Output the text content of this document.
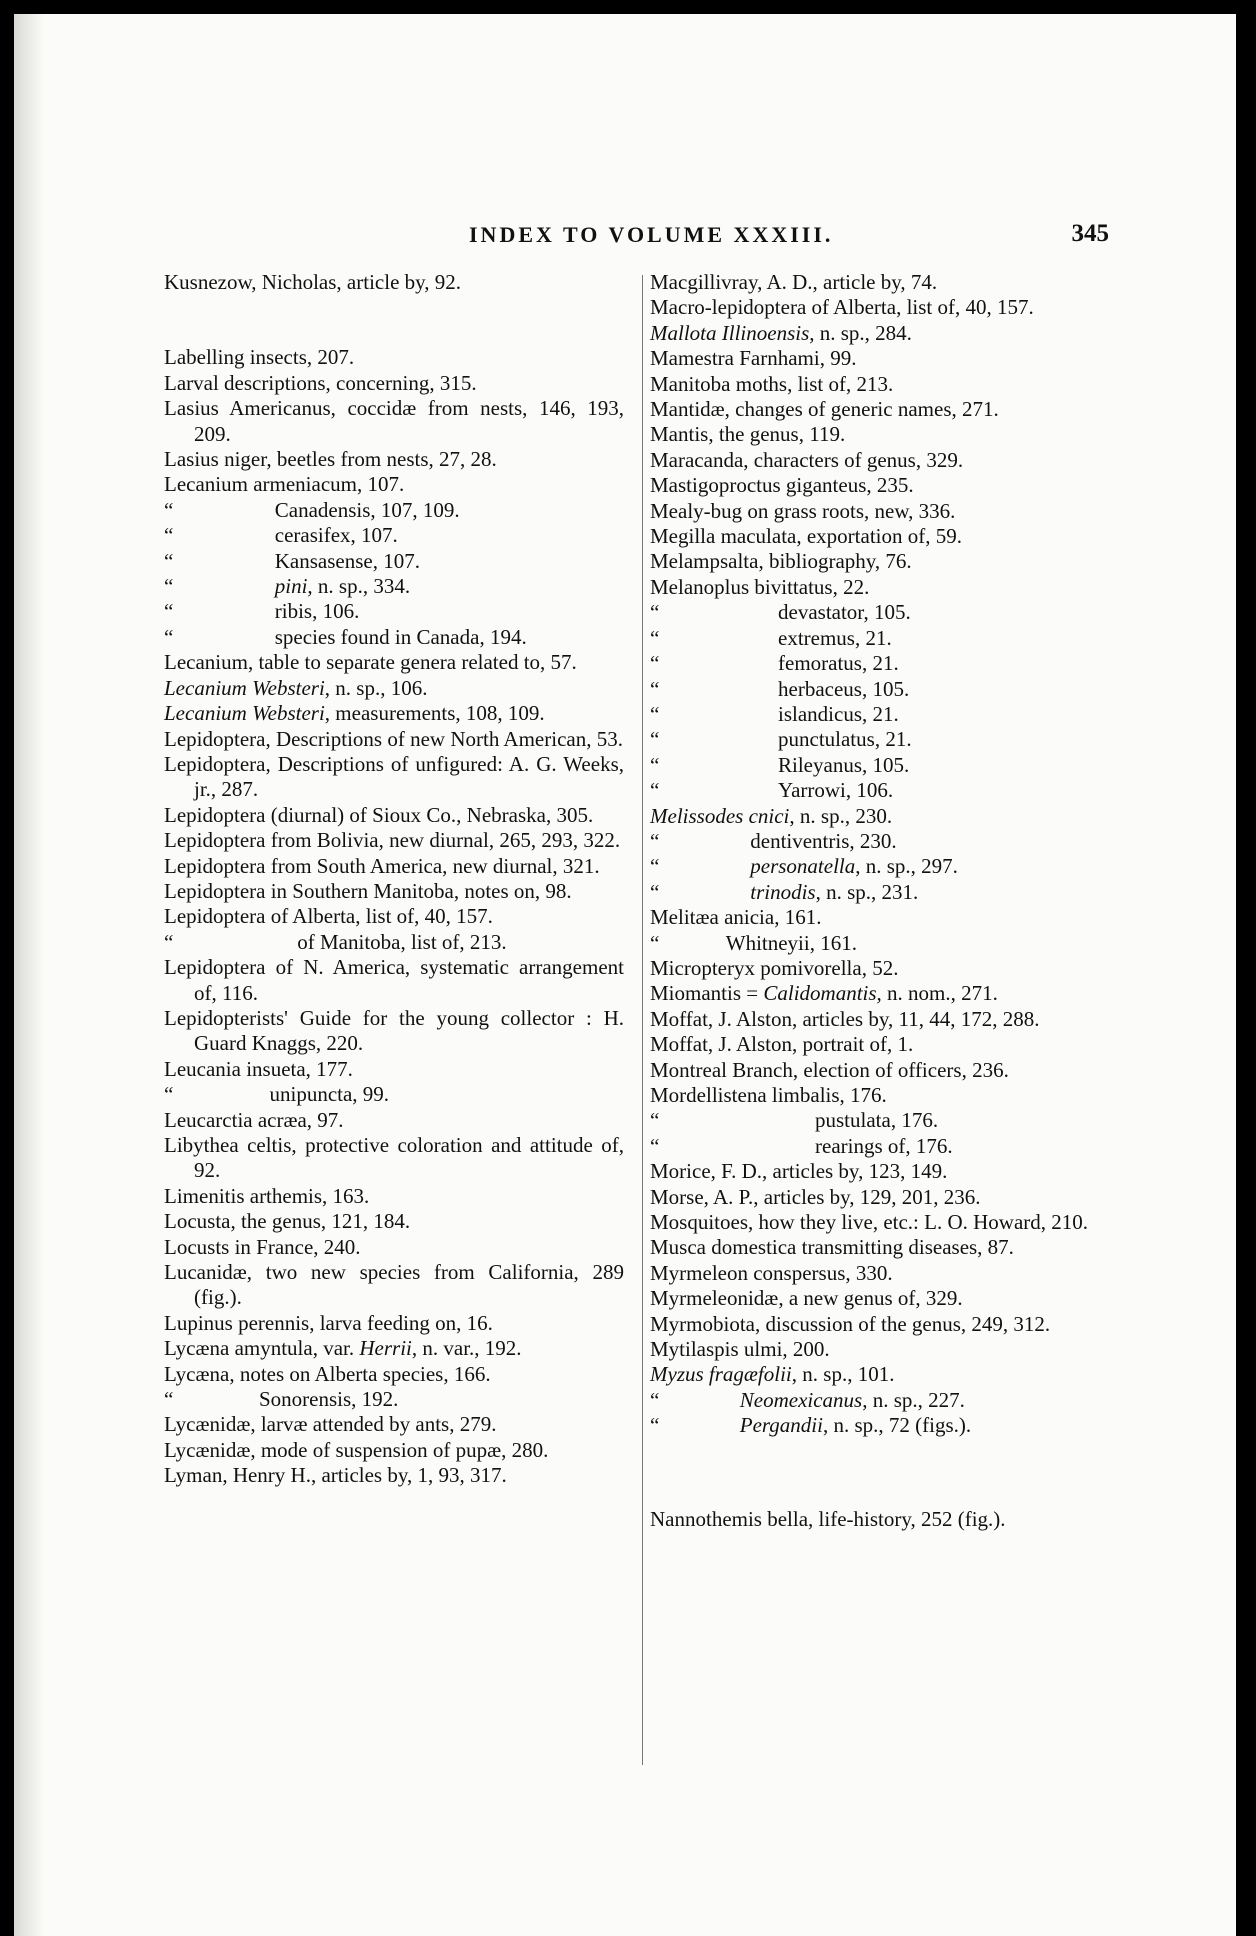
INDEX TO VOLUME XXXIII.	345
Kusnezow, Nicholas, article by, 92.
Labelling insects, 207.
Larval descriptions, concerning, 315.
Lasius Americanus, coccidæ from nests, 146, 193, 209.
Lasius niger, beetles from nests, 27, 28.
Lecanium armeniacum, 107.
“	Canadensis, 107, 109.
“	cerasifex, 107.
“	Kansasense, 107.
“	pini, n. sp., 334.
“	ribis, 106.
“	species found in Canada, 194.
Lecanium, table to separate genera related to, 57.
Lecanium Websteri, n. sp., 106.
Lecanium Websteri, measurements, 108, 109.
Lepidoptera, Descriptions of new North American, 53.
Lepidoptera, Descriptions of unfigured: A. G. Weeks, jr., 287.
Lepidoptera (diurnal) of Sioux Co., Nebraska, 305.
Lepidoptera from Bolivia, new diurnal, 265, 293, 322.
Lepidoptera from South America, new diurnal, 321.
Lepidoptera in Southern Manitoba, notes on, 98.
Lepidoptera of Alberta, list of, 40, 157.
“	of Manitoba, list of, 213.
Lepidoptera of N. America, systematic arrangement of, 116.
Lepidopterists' Guide for the young collector : H. Guard Knaggs, 220.
Leucania insueta, 177.
“	unipuncta, 99.
Leucarctia acræa, 97.
Libythea celtis, protective coloration and attitude of, 92.
Limenitis arthemis, 163.
Locusta, the genus, 121, 184.
Locusts in France, 240.
Lucanidæ, two new species from California, 289 (fig.).
Lupinus perennis, larva feeding on, 16.
Lycæna amyntula, var. Herrii, n. var., 192.
Lycæna, notes on Alberta species, 166.
“	Sonorensis, 192.
Lycænidæ, larvæ attended by ants, 279.
Lycænidæ, mode of suspension of pupæ, 280.
Lyman, Henry H., articles by, 1, 93, 317.
Macgillivray, A. D., article by, 74.
Macro-lepidoptera of Alberta, list of, 40, 157.
Mallota Illinoensis, n. sp., 284.
Mamestra Farnhami, 99.
Manitoba moths, list of, 213.
Mantidæ, changes of generic names, 271.
Mantis, the genus, 119.
Maracanda, characters of genus, 329.
Mastigoproctus giganteus, 235.
Mealy-bug on grass roots, new, 336.
Megilla maculata, exportation of, 59.
Melampsalta, bibliography, 76.
Melanoplus bivittatus, 22.
“	devastator, 105.
“	extremus, 21.
“	femoratus, 21.
“	herbaceus, 105.
“	islandicus, 21.
“	punctulatus, 21.
“	Rileyanus, 105.
“	Yarrowi, 106.
Melissodes cnici, n. sp., 230.
“	dentiventris, 230.
“	personatella, n. sp., 297.
“	trinodis, n. sp., 231.
Melitæa anicia, 161.
“	Whitneyii, 161.
Micropteryx pomivorella, 52.
Miomantis = Calidomantis, n. nom., 271.
Moffat, J. Alston, articles by, 11, 44, 172, 288.
Moffat, J. Alston, portrait of, 1.
Montreal Branch, election of officers, 236.
Mordellistena limbalis, 176.
“	pustulata, 176.
“	rearings of, 176.
Morice, F. D., articles by, 123, 149.
Morse, A. P., articles by, 129, 201, 236.
Mosquitoes, how they live, etc.: L. O. Howard, 210.
Musca domestica transmitting diseases, 87.
Myrmeleon conspersus, 330.
Myrmeleonidæ, a new genus of, 329.
Myrmobiota, discussion of the genus, 249, 312.
Mytilaspis ulmi, 200.
Myzus fragæfolii, n. sp., 101.
“	Neomexicanus, n. sp., 227.
“	Pergandii, n. sp., 72 (figs.).
Nannothemis bella, life-history, 252 (fig.).
